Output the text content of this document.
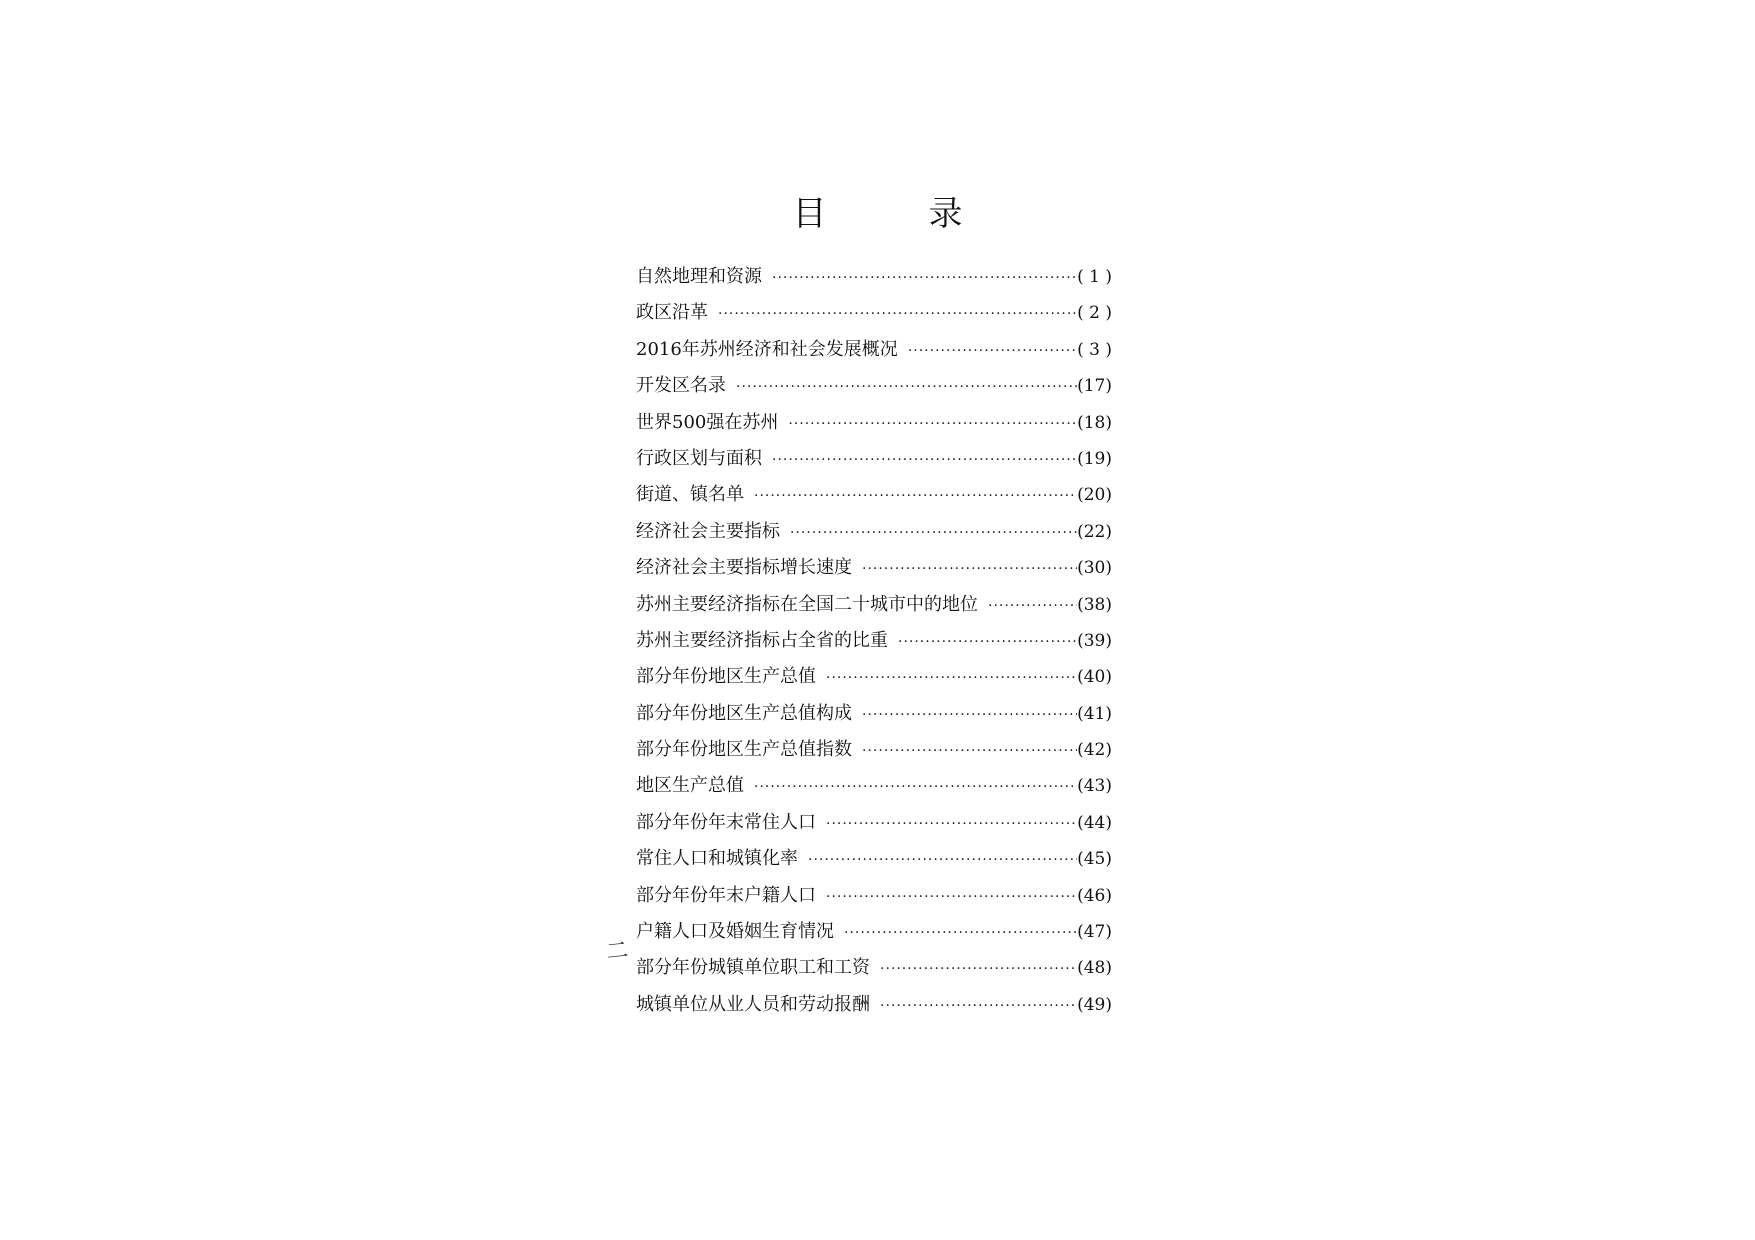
目　录
自然地理和资源 ·····	( 1 )
政区沿革 ·····	( 2 )
2016年苏州经济和社会发展概况 ·····	( 3 )
开发区名录 ·····	(17)
世界500强在苏州 ·····	(18)
行政区划与面积 ·····	(19)
街道、镇名单 ·····	(20)
经济社会主要指标 ·····	(22)
经济社会主要指标增长速度 ·····	(30)
苏州主要经济指标在全国二十城市中的地位 ·····	(38)
苏州主要经济指标占全省的比重 ·····	(39)
部分年份地区生产总值 ·····	(40)
部分年份地区生产总值构成 ·····	(41)
部分年份地区生产总值指数 ·····	(42)
地区生产总值 ·····	(43)
部分年份年末常住人口 ·····	(44)
常住人口和城镇化率 ·····	(45)
部分年份年末户籍人口 ·····	(46)
户籍人口及婚姻生育情况 ·····	(47)
部分年份城镇单位职工和工资 ·····	(48)
城镇单位从业人员和劳动报酬 ·····	(49)
二
